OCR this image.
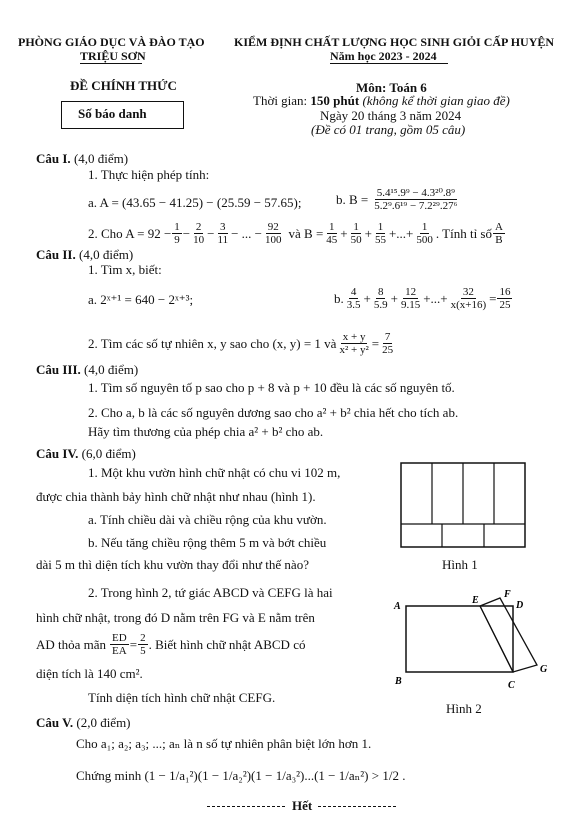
PHÒNG GIÁO DỤC VÀ ĐÀO TẠO
TRIỆU SƠN
KIỂM ĐỊNH CHẤT LƯỢNG HỌC SINH GIỎI CẤP HUYỆN
Năm học 2023 - 2024
ĐỀ CHÍNH THỨC
Số báo danh
Môn: Toán 6
Thời gian: 150 phút (không kể thời gian giao đề)
Ngày 20 tháng 3 năm 2024
(Đề có 01 trang, gồm 05 câu)
Câu I. (4,0 điểm)
1. Thực hiện phép tính:
a. A = (43.65 − 41.25) − (25.59 − 57.65);	b. $B = \frac{\text{5.4¹⁵.9⁹ − 4.3²⁰.8⁹}}{\text{5.2⁹.6¹⁹ − 7.2²⁹.27⁶}}$
2. Cho $A = 92 - \frac{1}{9} - \frac{2}{10} - \frac{3}{11}$ − ... − $\frac{92}{100}$ và $B = \frac{1}{45} + \frac{1}{50} + \frac{1}{55}$ +...+ $\frac{1}{500}$ . Tính tỉ số $\frac{A}{B}$
Câu II. (4,0 điểm)
1. Tìm x, biết:
a. 2ˣ⁺¹ = 640 − 2ˣ⁺³;	b. $\frac{4}{3.5} + \frac{8}{5.9} + \frac{12}{9.15}$ +...+ $\frac{32}{x(x+16)} = \frac{16}{25}$
2. Tìm các số tự nhiên x, y sao cho (x, y) = 1 và $\frac{x + y}{\text{x² + y²}} = \frac{7}{25}$
Câu III. (4,0 điểm)
1. Tìm số nguyên tố p sao cho p + 8 và p + 10 đều là các số nguyên tố.
2. Cho a, b là các số nguyên dương sao cho a² + b² chia hết cho tích ab.
Hãy tìm thương của phép chia a² + b² cho ab.
Câu IV. (6,0 điểm)
1. Một khu vườn hình chữ nhật có chu vi 102 m,
được chia thành bảy hình chữ nhật như nhau (hình 1).
a. Tính chiều dài và chiều rộng của khu vườn.
b. Nếu tăng chiều rộng thêm 5 m và bớt chiều
dài 5 m thì diện tích khu vườn thay đổi như thế nào?	Hình 1
2. Trong hình 2, tứ giác ABCD và CEFG là hai
hình chữ nhật, trong đó D nằm trên FG và E nằm trên
AD thỏa mãn $\frac{ED}{EA} = \frac{2}{5}$ . Biết hình chữ nhật ABCD có
diện tích là 140 cm².
Tính diện tích hình chữ nhật CEFG.
A
B	C
D
E
F
G
Hình 2
Câu V. (2,0 điểm)
Cho a₁; a₂; a₃; ...; aₙ là n số tự nhiên phân biệt lớn hơn 1.
Chứng minh (1 − 1/a₁²)(1 − 1/a₂²)(1 − 1/a₃²)...(1 − 1/aₙ²) > 1/2 .
Hết
